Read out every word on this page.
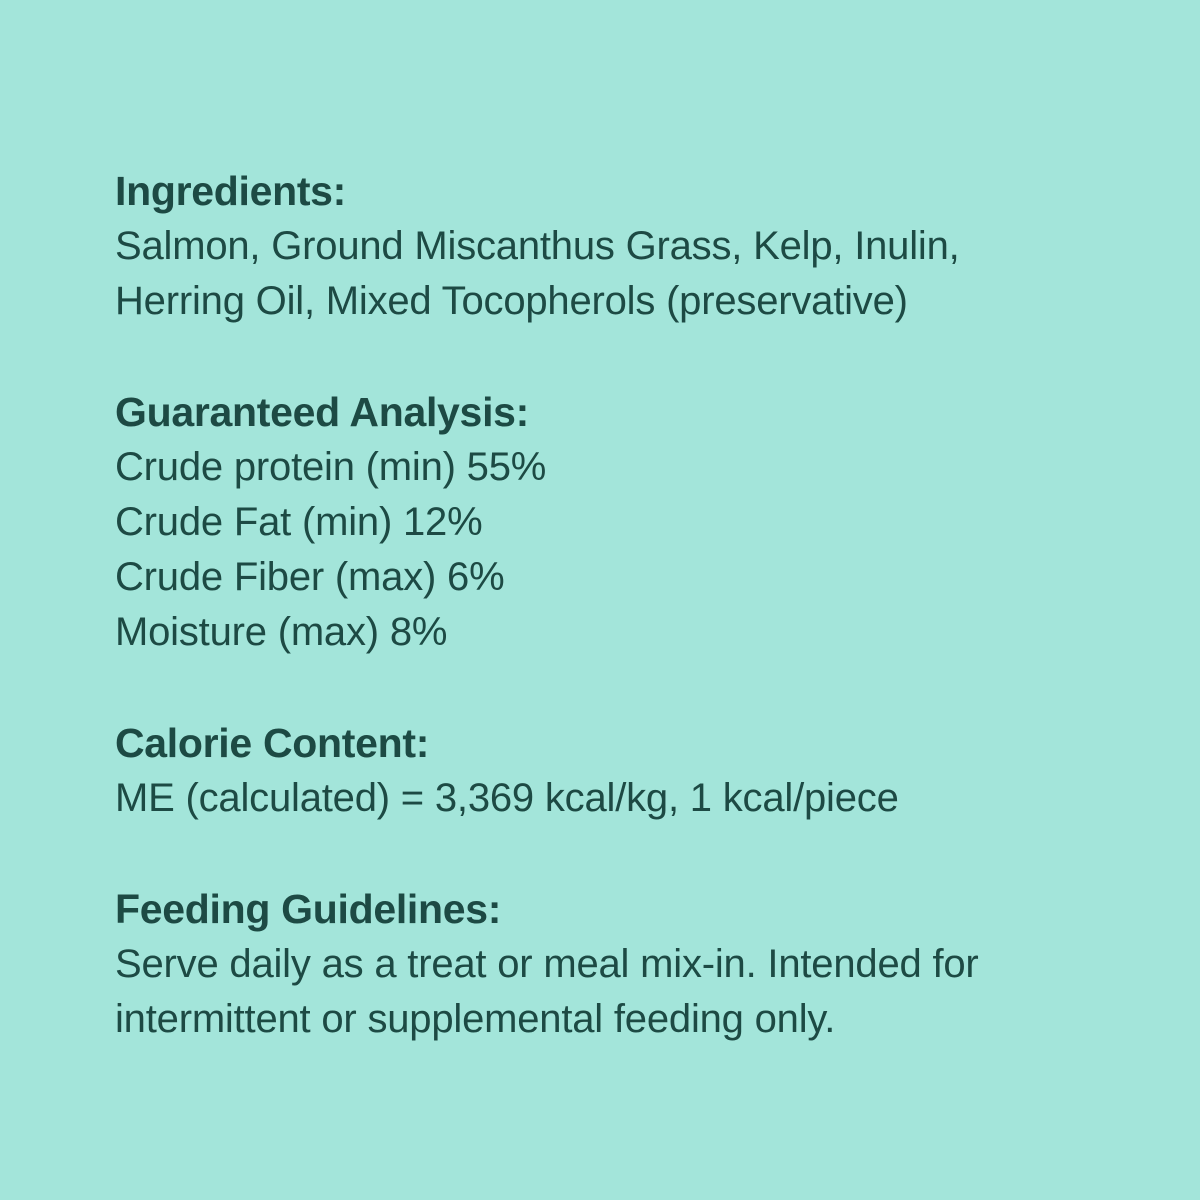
Ingredients:
Salmon, Ground Miscanthus Grass, Kelp, Inulin,
Herring Oil, Mixed Tocopherols (preservative)
Guaranteed Analysis:
Crude protein (min) 55%
Crude Fat (min) 12%
Crude Fiber (max) 6%
Moisture (max) 8%
Calorie Content:
ME (calculated) = 3,369 kcal/kg, 1 kcal/piece
Feeding Guidelines:
Serve daily as a treat or meal mix-in. Intended for
intermittent or supplemental feeding only.
